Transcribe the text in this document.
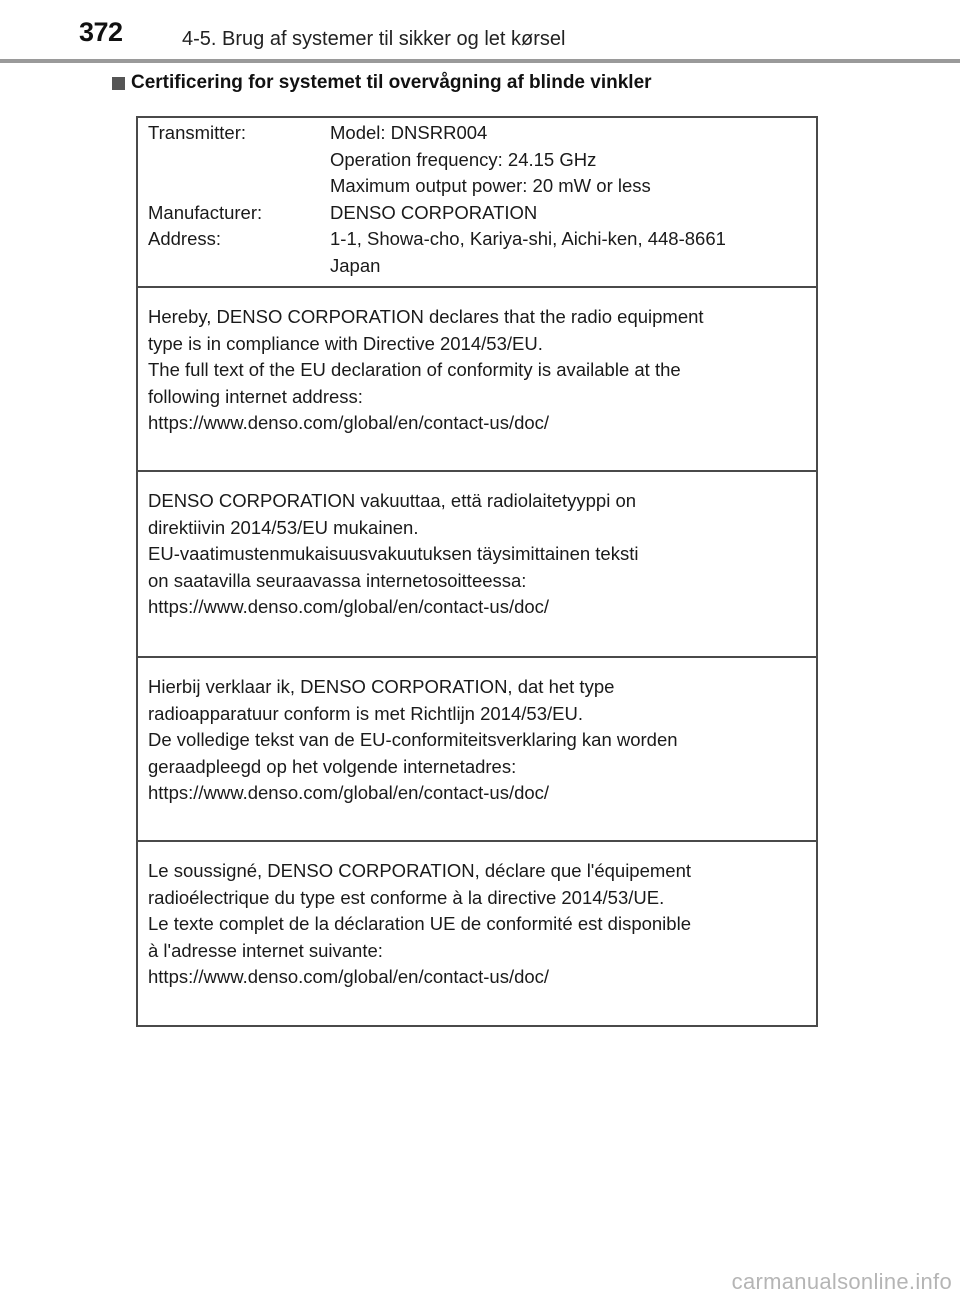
372	4-5. Brug af systemer til sikker og let kørsel
Certificering for systemet til overvågning af blinde vinkler
Transmitter:	Model: DNSRR004
Operation frequency: 24.15 GHz
Maximum output power: 20 mW or less
Manufacturer:	DENSO CORPORATION
Address:	1-1, Showa-cho, Kariya-shi, Aichi-ken, 448-8661
Japan

Hereby, DENSO CORPORATION declares that the radio equipment

type is in compliance with Directive 2014/53/EU.

The full text of the EU declaration of conformity is available at the

following internet address:

https://www.denso.com/global/en/contact-us/doc/

DENSO CORPORATION vakuuttaa, että radiolaitetyyppi on

direktiivin 2014/53/EU mukainen.

EU-vaatimustenmukaisuusvakuutuksen täysimittainen teksti

on saatavilla seuraavassa internetosoitteessa:

https://www.denso.com/global/en/contact-us/doc/

Hierbij verklaar ik, DENSO CORPORATION, dat het type

radioapparatuur conform is met Richtlijn 2014/53/EU.

De volledige tekst van de EU-conformiteitsverklaring kan worden

geraadpleegd op het volgende internetadres:

https://www.denso.com/global/en/contact-us/doc/

Le soussigné, DENSO CORPORATION, déclare que l'équipement

radioélectrique du type est conforme à la directive 2014/53/UE.

Le texte complet de la déclaration UE de conformité est disponible

à l'adresse internet suivante:

https://www.denso.com/global/en/contact-us/doc/

carmanualsonline.info
